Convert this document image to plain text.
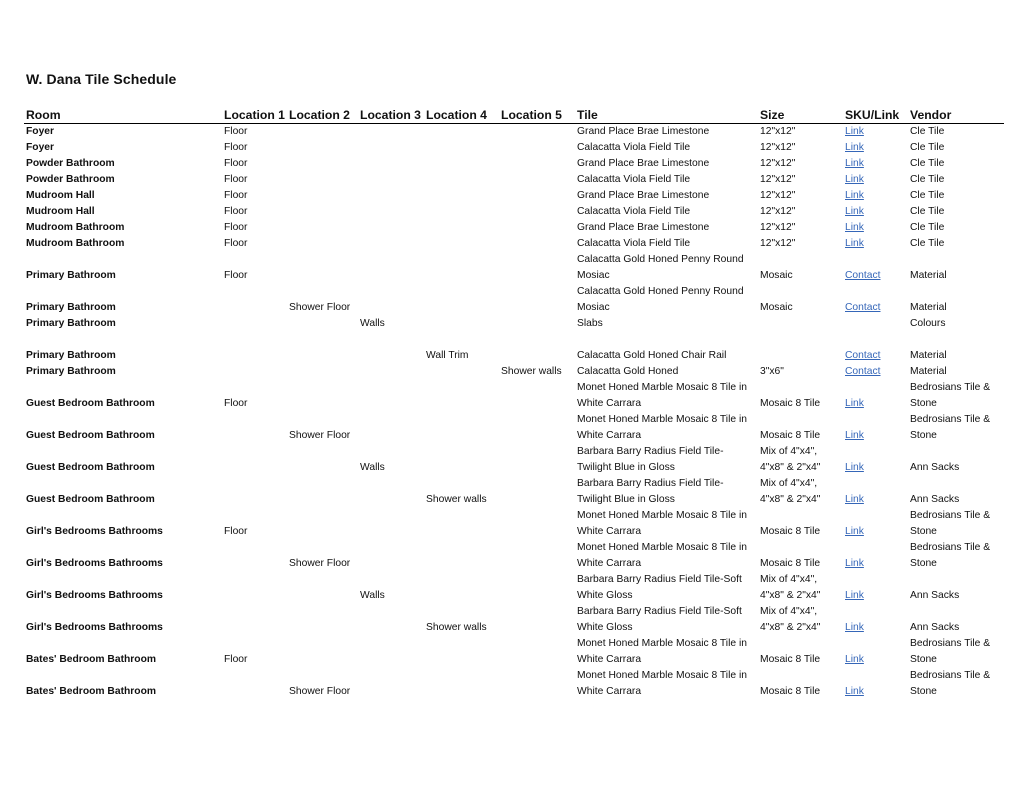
W. Dana Tile Schedule
Room	Location 1	Location 2	Location 3	Location 4	Location 5	Tile	Size	SKU/Link	Vendor
Foyer	Floor					Grand Place Brae Limestone	12"x12"	Link	Cle Tile
Foyer	Floor					Calacatta Viola Field Tile	12"x12"	Link	Cle Tile
Powder Bathroom	Floor					Grand Place Brae Limestone	12"x12"	Link	Cle Tile
Powder Bathroom	Floor					Calacatta Viola Field Tile	12"x12"	Link	Cle Tile
Mudroom Hall	Floor					Grand Place Brae Limestone	12"x12"	Link	Cle Tile
Mudroom Hall	Floor					Calacatta Viola Field Tile	12"x12"	Link	Cle Tile
Mudroom Bathroom	Floor					Grand Place Brae Limestone	12"x12"	Link	Cle Tile
Mudroom Bathroom	Floor					Calacatta Viola Field Tile	12"x12"	Link	Cle Tile
Primary Bathroom	Floor					Calacatta Gold Honed Penny Round Mosiac	Mosaic	Contact	Material
Primary Bathroom		Shower Floor				Calacatta Gold Honed Penny Round Mosiac	Mosaic	Contact	Material
Primary Bathroom			Walls			Slabs			Colours
Primary Bathroom				Wall Trim		Calacatta Gold Honed Chair Rail		Contact	Material
Primary Bathroom					Shower walls	Calacatta Gold Honed	3"x6"	Contact	Material
Guest Bedroom Bathroom	Floor					Monet Honed Marble Mosaic 8 Tile in White Carrara	Mosaic 8 Tile	Link	Bedrosians Tile & Stone
Guest Bedroom Bathroom		Shower Floor				Monet Honed Marble Mosaic 8 Tile in White Carrara	Mosaic 8 Tile	Link	Bedrosians Tile & Stone
Guest Bedroom Bathroom			Walls			Barbara Barry Radius Field Tile- Twilight Blue in Gloss	Mix of 4"x4", 4"x8" & 2"x4"	Link	Ann Sacks
Guest Bedroom Bathroom				Shower walls		Barbara Barry Radius Field Tile- Twilight Blue in Gloss	Mix of 4"x4", 4"x8" & 2"x4"	Link	Ann Sacks
Girl's Bedrooms Bathrooms	Floor					Monet Honed Marble Mosaic 8 Tile in White Carrara	Mosaic 8 Tile	Link	Bedrosians Tile & Stone
Girl's Bedrooms Bathrooms		Shower Floor				Monet Honed Marble Mosaic 8 Tile in White Carrara	Mosaic 8 Tile	Link	Bedrosians Tile & Stone
Girl's Bedrooms Bathrooms			Walls			Barbara Barry Radius Field Tile-Soft White Gloss	Mix of 4"x4", 4"x8" & 2"x4"	Link	Ann Sacks
Girl's Bedrooms Bathrooms				Shower walls		Barbara Barry Radius Field Tile-Soft White Gloss	Mix of 4"x4", 4"x8" & 2"x4"	Link	Ann Sacks
Bates' Bedroom Bathroom	Floor					Monet Honed Marble Mosaic 8 Tile in White Carrara	Mosaic 8 Tile	Link	Bedrosians Tile & Stone
Bates' Bedroom Bathroom		Shower Floor				Monet Honed Marble Mosaic 8 Tile in White Carrara	Mosaic 8 Tile	Link	Bedrosians Tile & Stone
